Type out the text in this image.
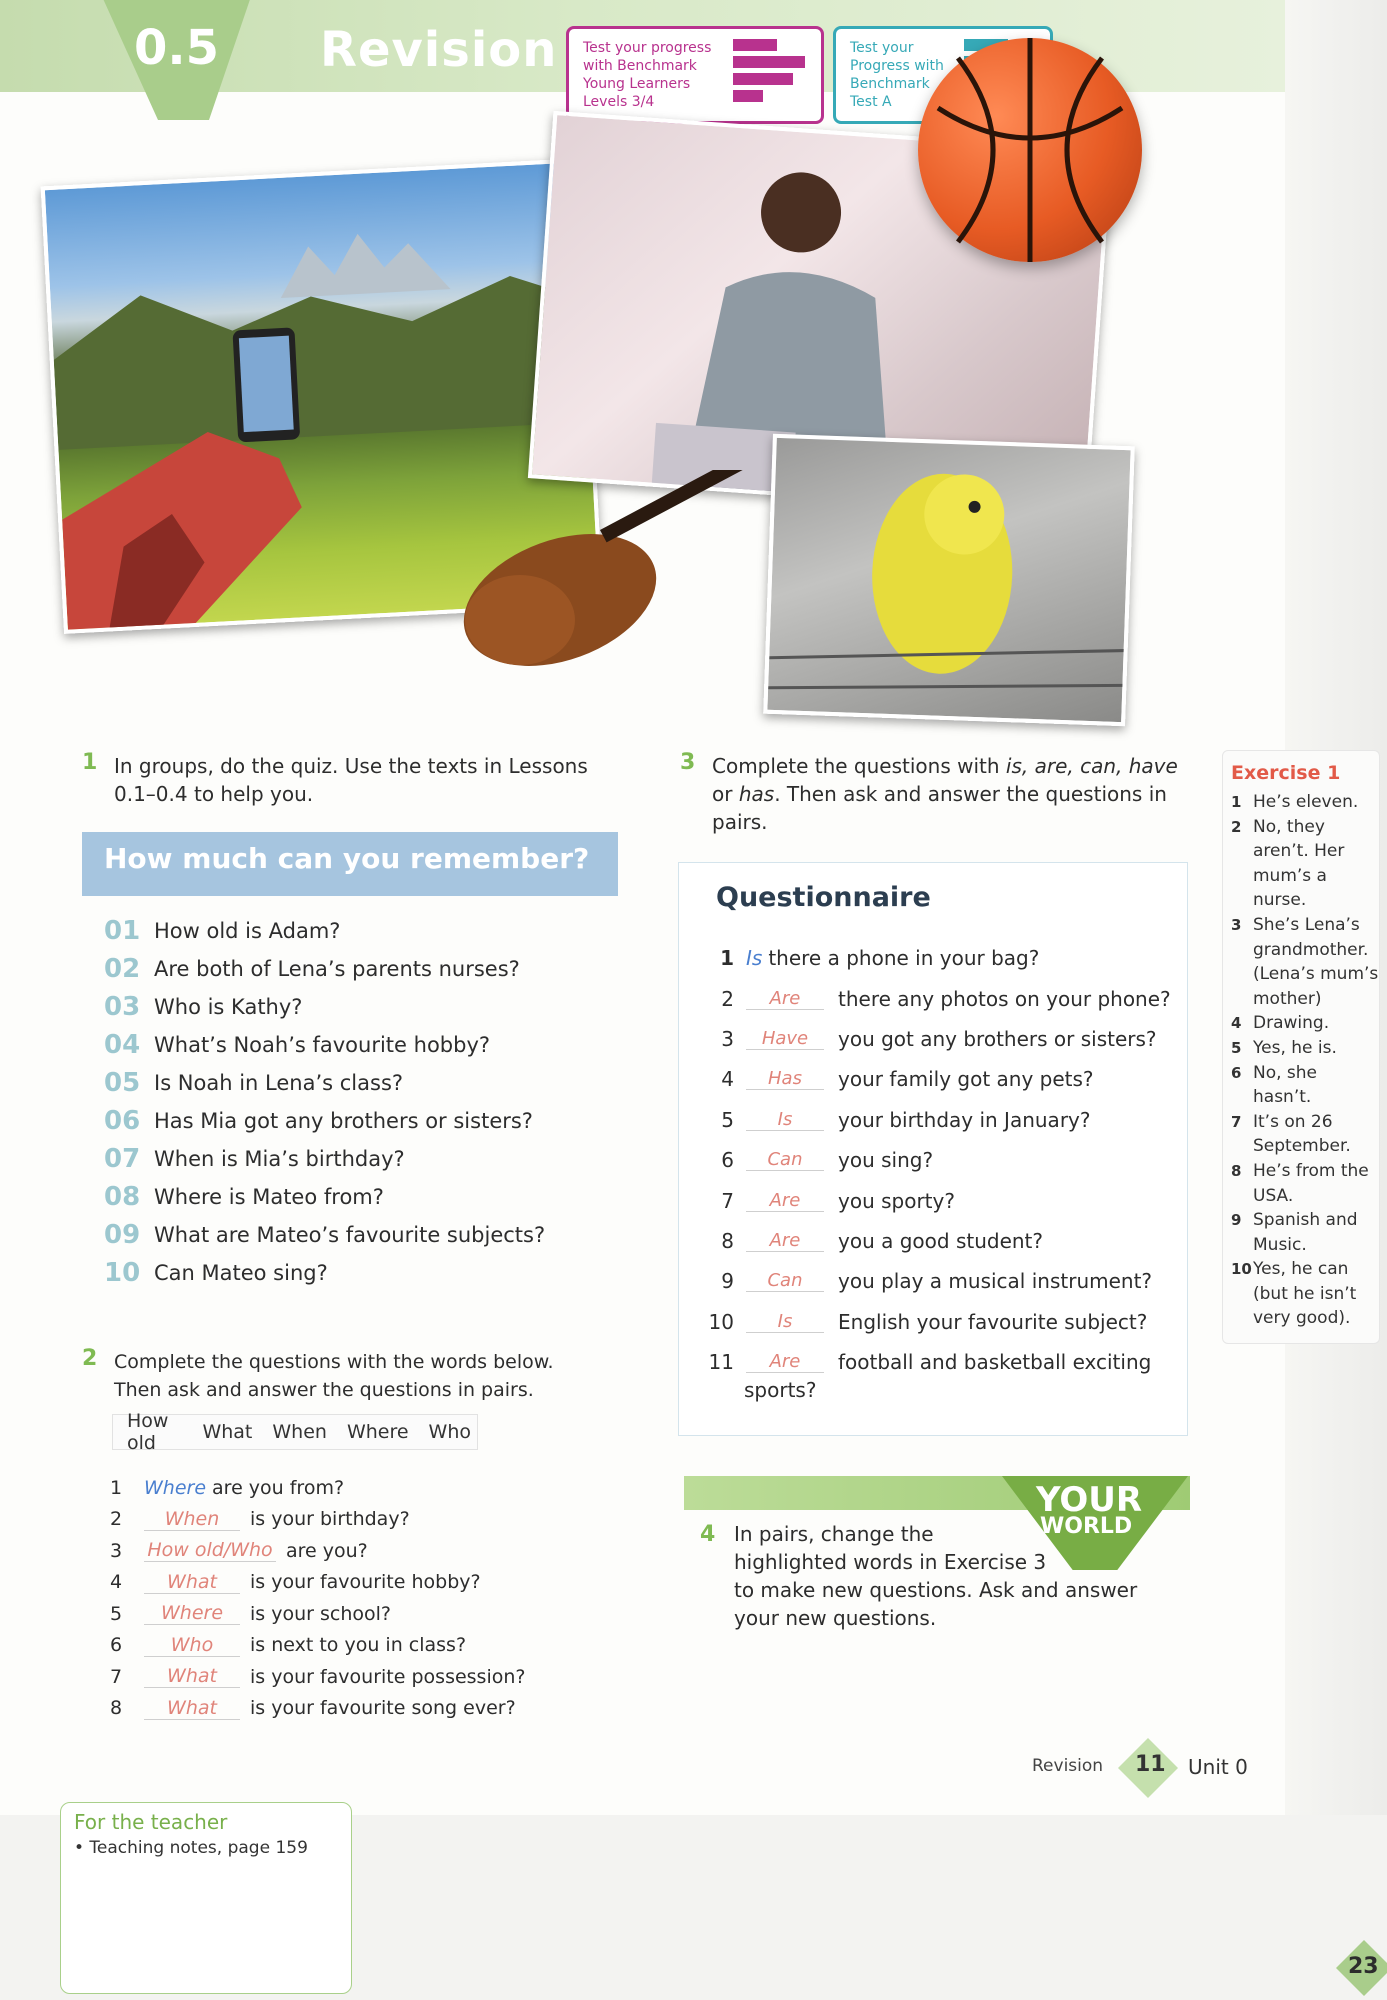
0.5 Revision Test your progress
with Benchmark
Young Learners
Levels 3/4
Test your
Progress with
Benchmark
Test A
1 In groups, do the quiz. Use the texts in Lessons
0.1–0.4 to help you.
How much can you remember?
01 How old is Adam?
02 Are both of Lena’s parents nurses?
03 Who is Kathy?
04 What’s Noah’s favourite hobby?
05 Is Noah in Lena’s class?
06 Has Mia got any brothers or sisters?
07 When is Mia’s birthday?
08 Where is Mateo from?
09 What are Mateo’s favourite subjects?
10 Can Mateo sing?
2 Complete the questions with the words below.
Then ask and answer the questions in pairs.
How old	What When Where Who
1	Where are you from?
2	When	is your birthday?
3	How old/Who are you?
4	What	is your favourite hobby?
5	Where	is your school?
6	Who	is next to you in class?
7	What	is your favourite possession?
8	What	is your favourite song ever?
3 Complete the questions with is, are, can, have
or has. Then ask and answer the questions in
pairs.
Questionnaire
1 Is there a phone in your bag?
2	Are	there any photos on your phone?
3	Have	you got any brothers or sisters?
4	Has	your family got any pets?
5	Is	your birthday in January?
6	Can	you sing?
7	Are	you sporty?
8	Are	you a good student?
9	Can	you play a musical instrument?
10	Is	English your favourite subject?
11	Are	football and basketball exciting
sports?
YOUR
WORLD
4 In pairs, change the
highlighted words in Exercise 3
to make new questions. Ask and answer
your new questions.
Exercise 1
1 He’s eleven.
2 No, they
aren’t. Her
mum’s a
nurse.
3 She’s Lena’s
grandmother.
(Lena’s mum’s
mother)
4 Drawing.
5 Yes, he is.
6 No, she
hasn’t.
7 It’s on 26
September.
8 He’s from the
USA.
9 Spanish and
Music.
10 Yes, he can
(but he isn’t
very good).
Revision 11 Unit 0
For the teacher
• Teaching notes, page 159
23
